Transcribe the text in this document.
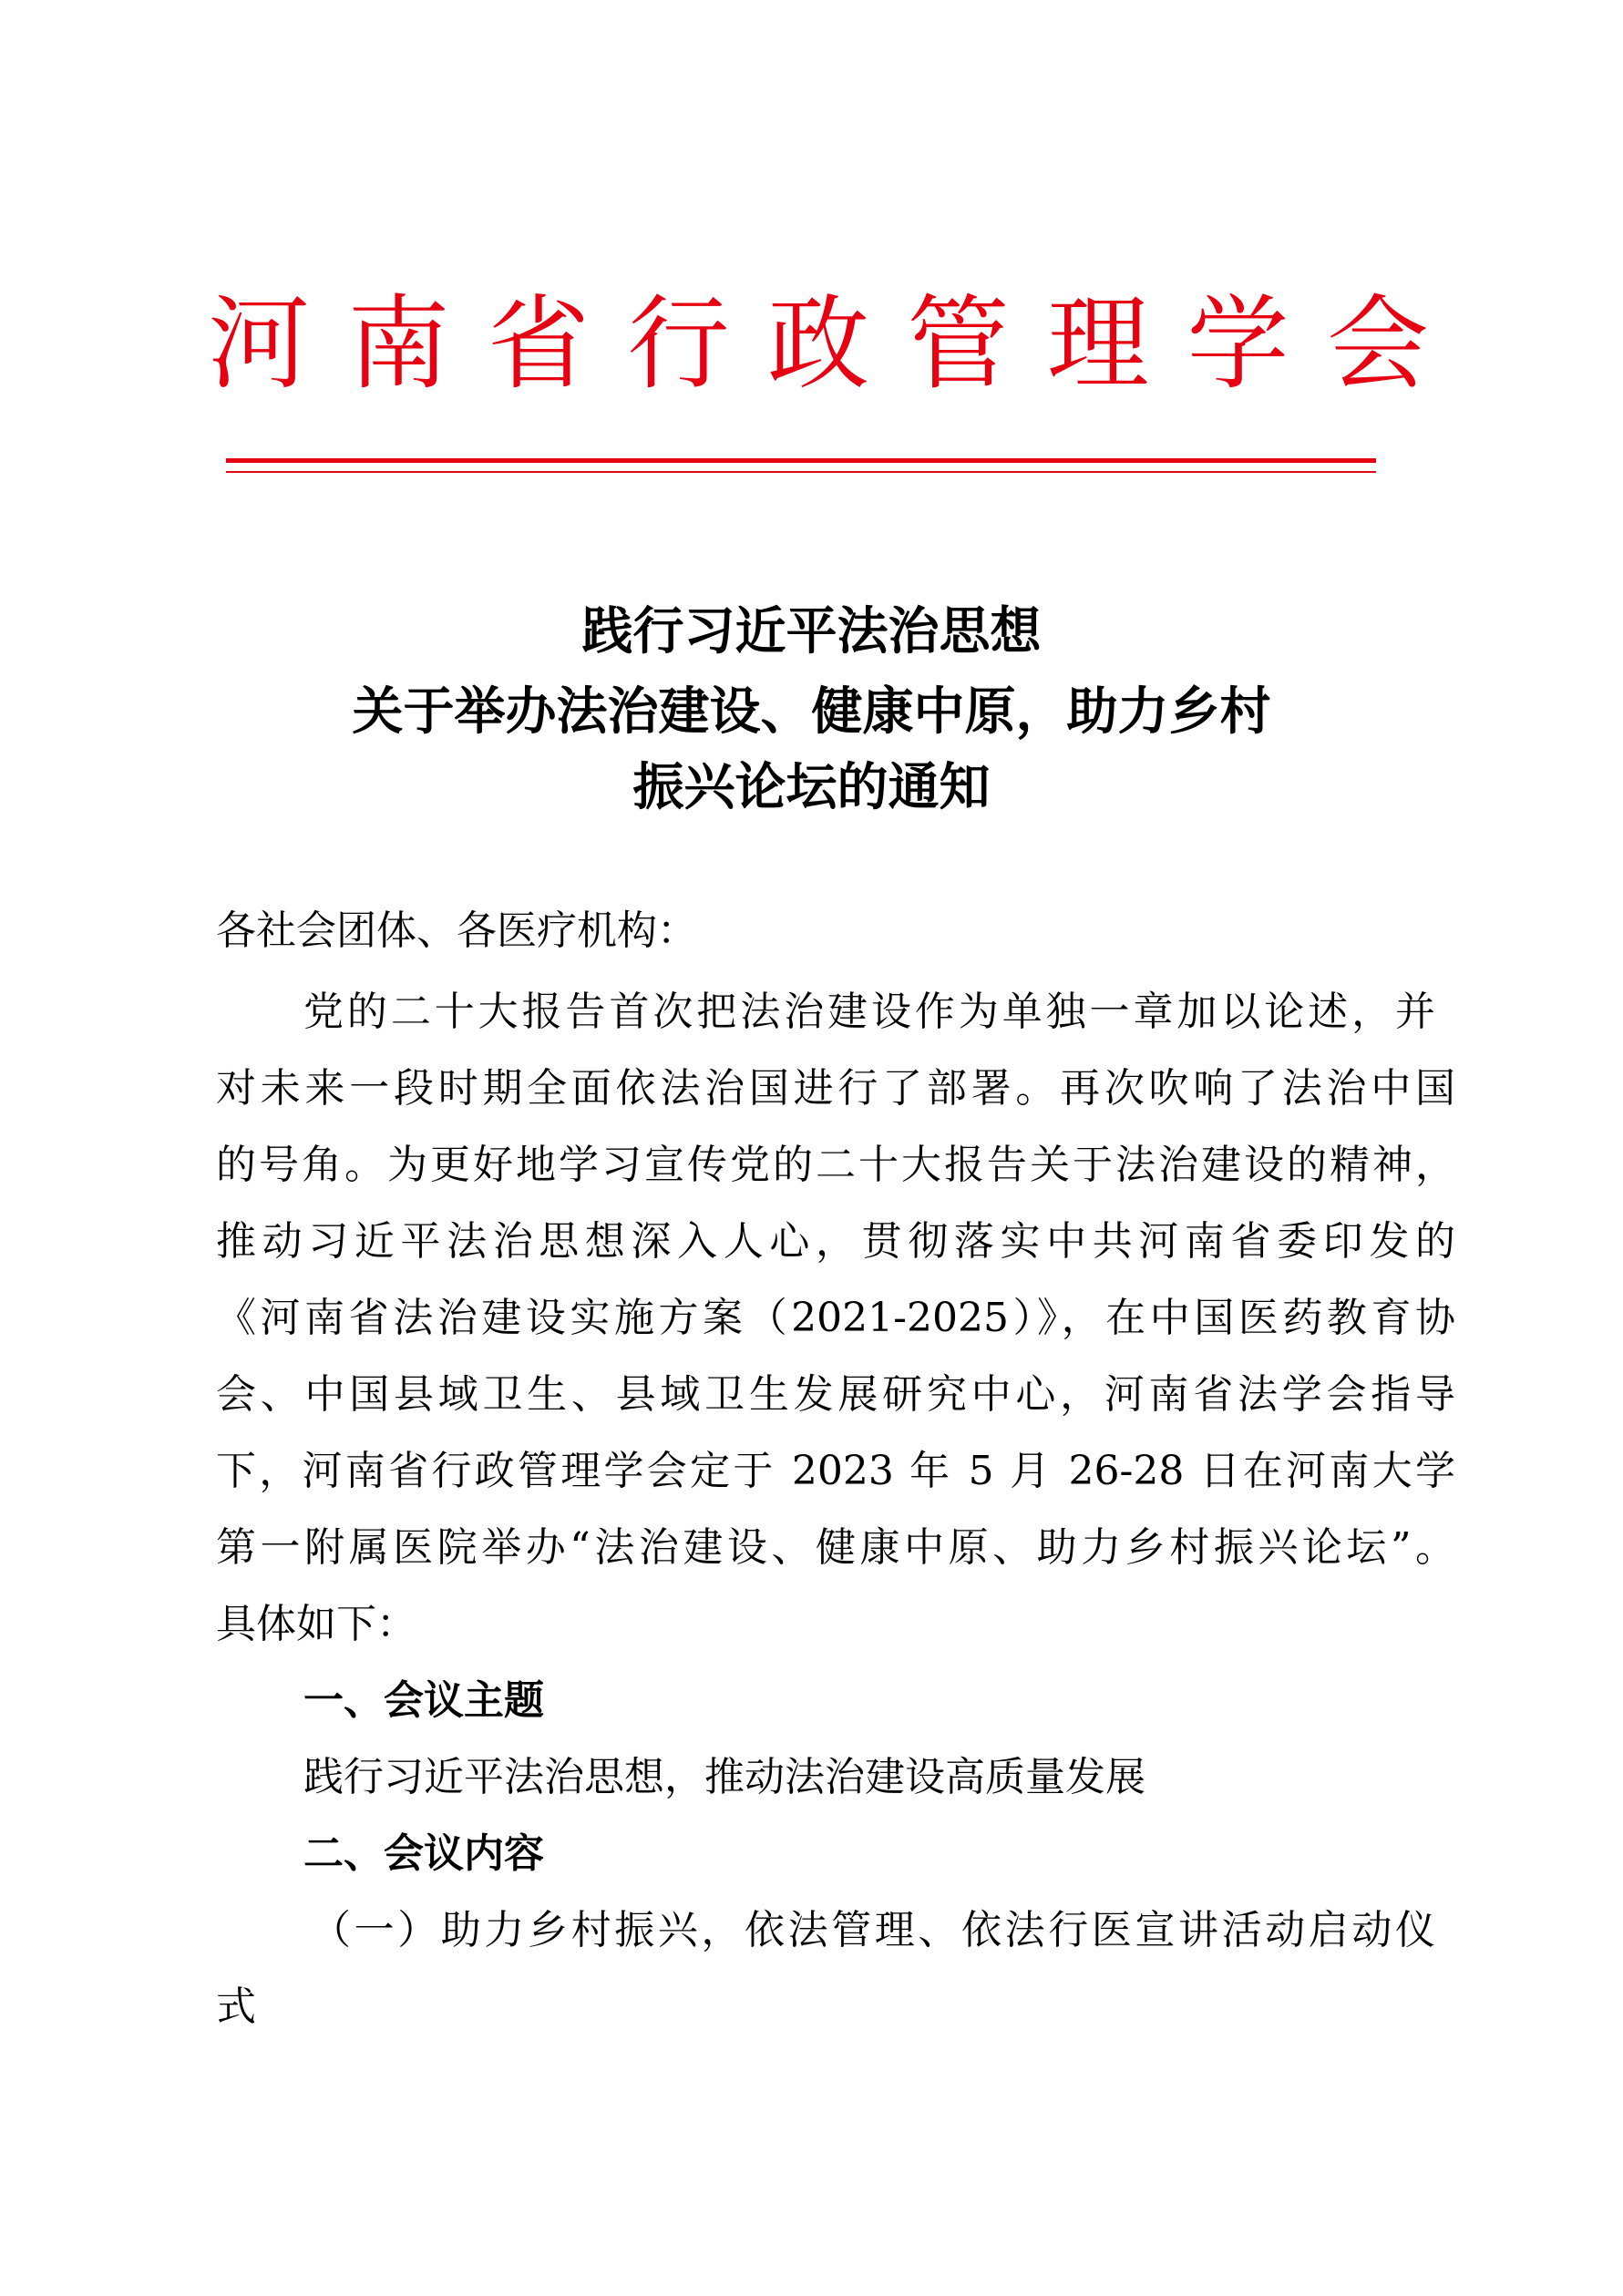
河 南 省 行 政 管 理 学 会
践行习近平法治思想
关于举办法治建设、健康中原，助力乡村
振兴论坛的通知
各社会团体、各医疗机构：
党的二十大报告首次把法治建设作为单独一章加以论述，并
对未来一段时期全面依法治国进行了部署。再次吹响了法治中国
的号角。为更好地学习宣传党的二十大报告关于法治建设的精神，
推动习近平法治思想深入人心，贯彻落实中共河南省委印发的
《河南省法治建设实施方案（2021-2025）》，在中国医药教育协
会、中国县域卫生、县域卫生发展研究中心，河南省法学会指导
下，河南省行政管理学会定于 2023 年 5 月 26-28 日在河南大学
第一附属医院举办“法治建设、健康中原、助力乡村振兴论坛”。
具体如下：
一、会议主题
践行习近平法治思想，推动法治建设高质量发展
二、会议内容
（一）助力乡村振兴，依法管理、依法行医宣讲活动启动仪
式
